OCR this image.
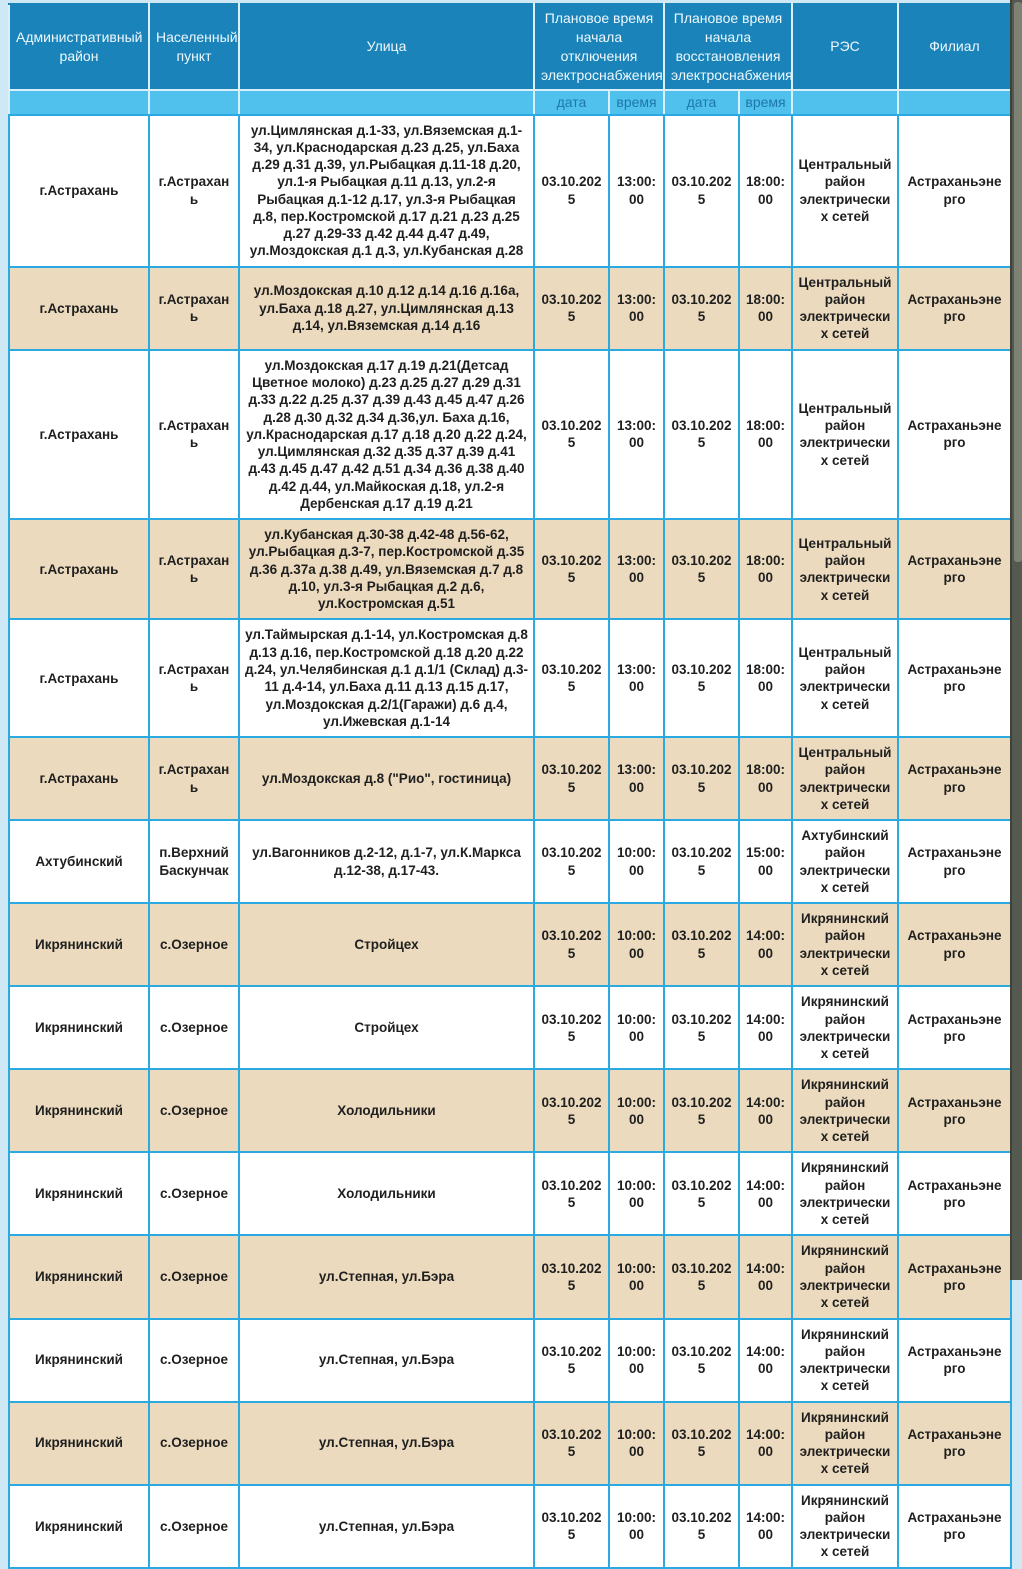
Административный район	Населенный пункт	Улица	Плановое время начала отключения электроснабжения		Плановое время начала восстановления электроснабжения		РЭС	Филиал
			дата	время	дата	время		
г.Астрахань	г.Астрахань	ул.Цимлянская д.1-33, ул.Вяземская д.1-34, ул.Краснодарская д.23 д.25, ул.Баха д.29 д.31 д.39, ул.Рыбацкая д.11-18 д.20, ул.1-я Рыбацкая д.11 д.13, ул.2-я Рыбацкая д.1-12 д.17, ул.3-я Рыбацкая д.8, пер.Костромской д.17 д.21 д.23 д.25 д.27 д.29-33 д.42 д.44 д.47 д.49, ул.Моздокская д.1 д.3, ул.Кубанская д.28	03.10.2025	13:00:00	03.10.2025	18:00:00	Центральный район электрических сетей	Астраханьэнерго
г.Астрахань	г.Астрахань	ул.Моздокская д.10 д.12 д.14 д.16 д.16а, ул.Баха д.18 д.27, ул.Цимлянская д.13 д.14, ул.Вяземская д.14 д.16	03.10.2025	13:00:00	03.10.2025	18:00:00	Центральный район электрических сетей	Астраханьэнерго
г.Астрахань	г.Астрахань	ул.Моздокская д.17 д.19 д.21(Детсад Цветное молоко) д.23 д.25 д.27 д.29 д.31 д.33 д.22 д.25 д.37 д.39 д.43 д.45 д.47 д.26 д.28 д.30 д.32 д.34 д.36,ул. Баха д.16, ул.Краснодарская д.17 д.18 д.20 д.22 д.24, ул.Цимлянская д.32 д.35 д.37 д.39 д.41 д.43 д.45 д.47 д.42 д.51 д.34 д.36 д.38 д.40 д.42 д.44, ул.Майкоская д.18, ул.2-я Дербенская д.17 д.19 д.21	03.10.2025	13:00:00	03.10.2025	18:00:00	Центральный район электрических сетей	Астраханьэнерго
г.Астрахань	г.Астрахань	ул.Кубанская д.30-38 д.42-48 д.56-62, ул.Рыбацкая д.3-7, пер.Костромской д.35 д.36 д.37а д.38 д.49, ул.Вяземская д.7 д.8 д.10, ул.3-я Рыбацкая д.2 д.6, ул.Костромская д.51	03.10.2025	13:00:00	03.10.2025	18:00:00	Центральный район электрических сетей	Астраханьэнерго
г.Астрахань	г.Астрахань	ул.Таймырская д.1-14, ул.Костромская д.8 д.13 д.16, пер.Костромской д.18 д.20 д.22 д.24, ул.Челябинская д.1 д.1/1 (Склад) д.3-11 д.4-14, ул.Баха д.11 д.13 д.15 д.17, ул.Моздокская д.2/1(Гаражи) д.6 д.4, ул.Ижевская д.1-14	03.10.2025	13:00:00	03.10.2025	18:00:00	Центральный район электрических сетей	Астраханьэнерго
г.Астрахань	г.Астрахань	ул.Моздокская д.8 ("Рио", гостиница)	03.10.2025	13:00:00	03.10.2025	18:00:00	Центральный район электрических сетей	Астраханьэнерго
Ахтубинский	п.Верхний Баскунчак	ул.Вагонников д.2-12, д.1-7, ул.К.Маркса д.12-38, д.17-43.	03.10.2025	10:00:00	03.10.2025	15:00:00	Ахтубинский район электрических сетей	Астраханьэнерго
Икрянинский	с.Озерное	Стройцех	03.10.2025	10:00:00	03.10.2025	14:00:00	Икрянинский район электрических сетей	Астраханьэнерго
Икрянинский	с.Озерное	Стройцех	03.10.2025	10:00:00	03.10.2025	14:00:00	Икрянинский район электрических сетей	Астраханьэнерго
Икрянинский	с.Озерное	Холодильники	03.10.2025	10:00:00	03.10.2025	14:00:00	Икрянинский район электрических сетей	Астраханьэнерго
Икрянинский	с.Озерное	Холодильники	03.10.2025	10:00:00	03.10.2025	14:00:00	Икрянинский район электрических сетей	Астраханьэнерго
Икрянинский	с.Озерное	ул.Степная, ул.Бэра	03.10.2025	10:00:00	03.10.2025	14:00:00	Икрянинский район электрических сетей	Астраханьэнерго
Икрянинский	с.Озерное	ул.Степная, ул.Бэра	03.10.2025	10:00:00	03.10.2025	14:00:00	Икрянинский район электрических сетей	Астраханьэнерго
Икрянинский	с.Озерное	ул.Степная, ул.Бэра	03.10.2025	10:00:00	03.10.2025	14:00:00	Икрянинский район электрических сетей	Астраханьэнерго
Икрянинский	с.Озерное	ул.Степная, ул.Бэра	03.10.2025	10:00:00	03.10.2025	14:00:00	Икрянинский район электрических сетей	Астраханьэнерго
